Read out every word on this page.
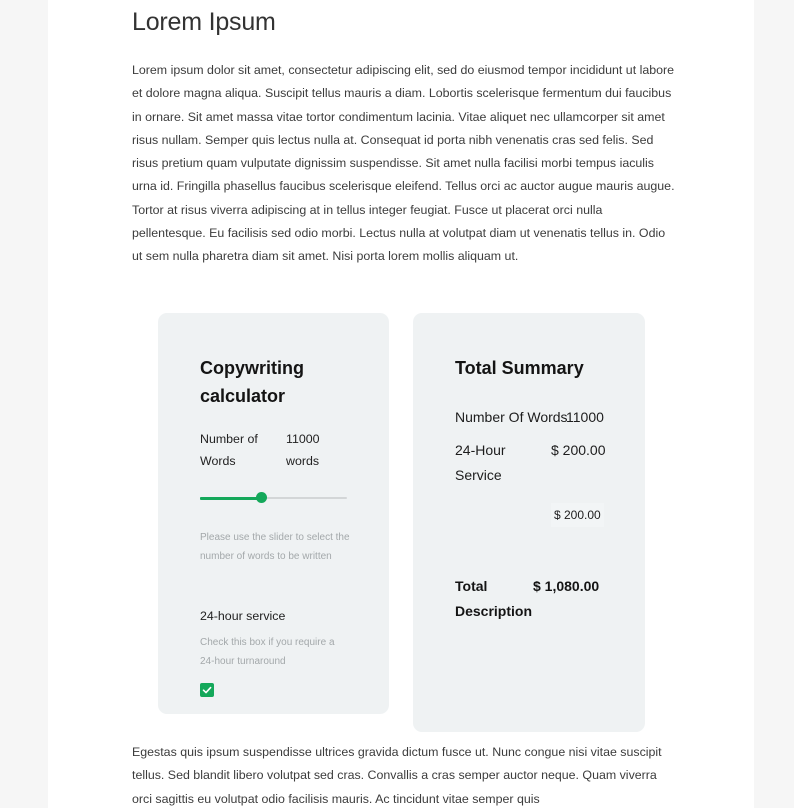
Lorem Ipsum

Lorem ipsum dolor sit amet, consectetur adipiscing elit, sed do eiusmod tempor incididunt ut labore et dolore magna aliqua. Suscipit tellus mauris a diam. Lobortis scelerisque fermentum dui faucibus in ornare. Sit amet massa vitae tortor condimentum lacinia. Vitae aliquet nec ullamcorper sit amet risus nullam. Semper quis lectus nulla at. Consequat id porta nibh venenatis cras sed felis. Sed risus pretium quam vulputate dignissim suspendisse. Sit amet nulla facilisi morbi tempus iaculis urna id. Fringilla phasellus faucibus scelerisque eleifend. Tellus orci ac auctor augue mauris augue. Tortor at risus viverra adipiscing at in tellus integer feugiat. Fusce ut placerat orci nulla pellentesque. Eu facilisis sed odio morbi. Lectus nulla at volutpat diam ut venenatis tellus in. Odio ut sem nulla pharetra diam sit amet. Nisi porta lorem mollis aliquam ut.

Copywriting calculator
Number of Words
11000 words
Please use the slider to select the number of words to be written
24-hour service
Check this box if you require a 24-hour turnaround
Total Summary
Number Of Words
11000
24-Hour Service
$ 200.00
$ 200.00
Total Description
$ 1,080.00

Egestas quis ipsum suspendisse ultrices gravida dictum fusce ut. Nunc congue nisi vitae suscipit tellus. Sed blandit libero volutpat sed cras. Convallis a cras semper auctor neque. Quam viverra orci sagittis eu volutpat odio facilisis mauris. Ac tincidunt vitae semper quis
